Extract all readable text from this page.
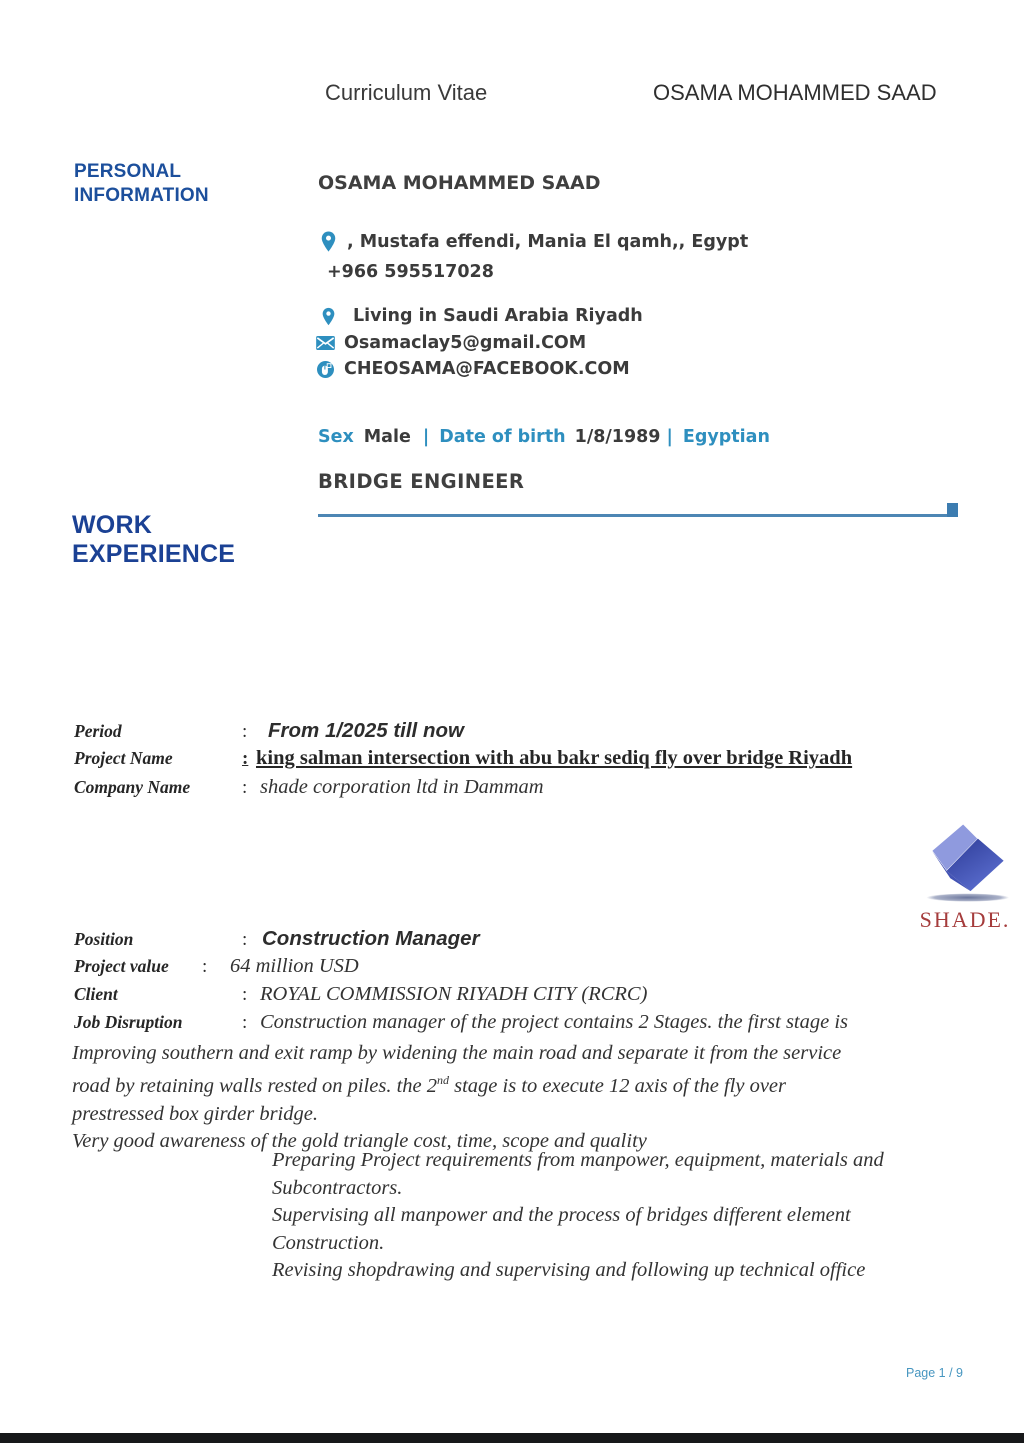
Curriculum Vitae	OSAMA MOHAMMED SAAD
PERSONAL INFORMATION
OSAMA MOHAMMED SAAD
, Mustafa effendi, Mania El qamh,, Egypt
+966 595517028
Living in Saudi Arabia Riyadh
Osamaclay5@gmail.COM
CHEOSAMA@FACEBOOK.COM
Sex Male | Date of birth 1/8/1989 | Egyptian
BRIDGE ENGINEER
WORK EXPERIENCE
Period	:	From 1/2025 till now
Project Name	: king salman intersection with abu bakr sediq fly over bridge Riyadh
Company Name	: shade corporation ltd in Dammam
SHADE.
Position	: Construction Manager
Project value	:	64 million USD
Client	: ROYAL COMMISSION RIYADH CITY (RCRC)
Job Disruption	: Construction manager of the project contains 2 Stages. the first stage is
Improving southern and exit ramp by widening the main road and separate it from the service
road by retaining walls rested on piles. the 2nd stage is to execute 12 axis of the fly over
prestressed box girder bridge.
Very good awareness of the gold triangle cost, time, scope and quality
Preparing Project requirements from manpower, equipment, materials and
Subcontractors.
Supervising all manpower and the process of bridges different element
Construction.
Revising shopdrawing and supervising and following up technical office
Page 1 / 9
